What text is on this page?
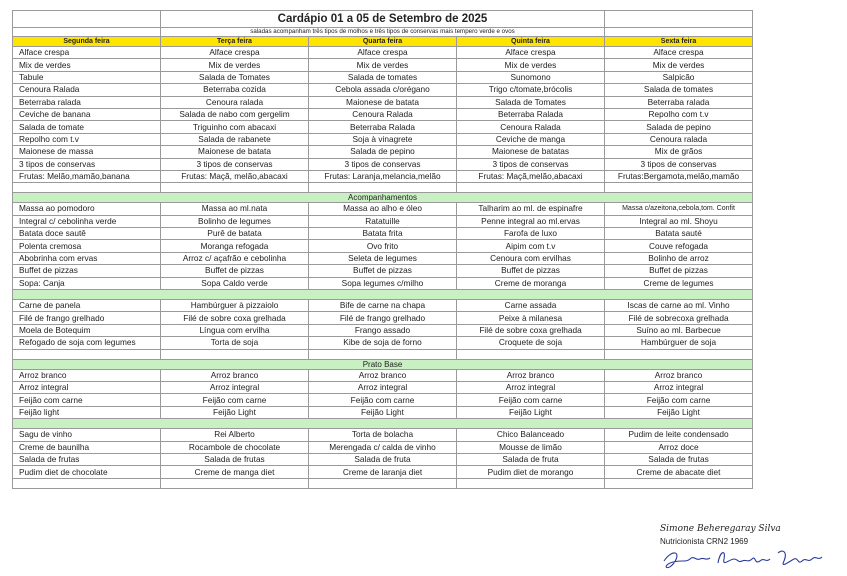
	Cardápio 01 a 05 de Setembro de 2025			
	saladas acompanham três tipos de molhos e três tipos de conservas mais tempero verde e ovos			
Segunda feira	Terça feira	Quarta feira	Quinta feira	Sexta feira
Alface crespa	Alface crespa	Alface crespa	Alface crespa	Alface crespa
Mix de verdes	Mix de verdes	Mix de verdes	Mix de verdes	Mix de verdes
Tabule	Salada de Tomates	Salada de tomates	Sunomono	Salpicão
Cenoura Ralada	Beterraba cozida	Cebola assada c/orégano	Trigo c/tomate,brócolis	Salada de tomates
Beterraba ralada	Cenoura ralada	Maionese de batata	Salada de Tomates	Beterraba ralada
Ceviche de banana	Salada de nabo com gergelim	Cenoura Ralada	Beterraba Ralada	Repolho com t.v
Salada de tomate	Triguinho com abacaxi	Beterraba Ralada	Cenoura Ralada	Salada de pepino
Repolho com t.v	Salada de rabanete	Soja à vinagrete	Ceviche de manga	Cenoura ralada
Maionese de massa	Maionese de batata	Salada de pepino	Maionese de batatas	Mix de grãos
3 tipos de conservas	3 tipos de conservas	3 tipos de conservas	3 tipos de conservas	3 tipos de conservas
Frutas: Melão,mamão,banana	Frutas: Maçã, melão,abacaxi	Frutas: Laranja,melancia,melão	Frutas: Maçã,melão,abacaxi	Frutas:Bergamota,melão,mamão

Acompanhamentos				
Massa ao pomodoro	Massa ao ml.nata	Massa ao alho e óleo	Talharim ao ml. de espinafre	Massa c/azeitona,cebola,tom. Confit
Integral c/ cebolinha verde	Bolinho de legumes	Ratatuille	Penne integral ao ml.ervas	Integral ao ml. Shoyu
Batata doce sautê	Purê de batata	Batata frita	Farofa de luxo	Batata sauté
Polenta cremosa	Moranga refogada	Ovo frito	Aipim com t.v	Couve refogada
Abobrinha com ervas	Arroz c/ açafrão e cebolinha	Seleta de legumes	Cenoura com ervilhas	Bolinho de arroz
Buffet de pizzas	Buffet de pizzas	Buffet de pizzas	Buffet de pizzas	Buffet de pizzas
Sopa: Canja	Sopa Caldo verde	Sopa legumes c/milho	Creme de moranga	Creme de legumes

Carne de panela	Hambúrguer à pizzaiolo	Bife de carne na chapa	Carne assada	Iscas de carne ao ml. Vinho
Filé de frango grelhado	Filé de sobre coxa grelhada	Filé de frango grelhado	Peixe à milanesa	Filé de sobrecoxa grelhada
Moela de Botequim	Língua com ervilha	Frango assado	Filé de sobre coxa grelhada	Suíno ao ml. Barbecue
Refogado de soja com legumes	Torta de soja	Kibe de soja de forno	Croquete de soja	Hambúrguer de soja

Prato Base				
Arroz branco	Arroz branco	Arroz branco	Arroz branco	Arroz branco
Arroz integral	Arroz integral	Arroz integral	Arroz integral	Arroz integral
Feijão com carne	Feijão com carne	Feijão com carne	Feijão com carne	Feijão com carne
Feijão light	Feijão Light	Feijão Light	Feijão Light	Feijão Light

Sagu de vinho	Rei Alberto	Torta de bolacha	Chico Balanceado	Pudim de leite condensado
Creme de baunilha	Rocambole de chocolate	Merengada c/ calda de vinho	Mousse de limão	Arroz doce
Salada de frutas	Salada de frutas	Salada de fruta	Salada de fruta	Salada de frutas
Pudim diet de chocolate	Creme de manga diet	Creme de laranja diet	Pudim diet de morango	Creme de abacate diet

Simone Beheregaray Silva
Nutricionista CRN2 1969
